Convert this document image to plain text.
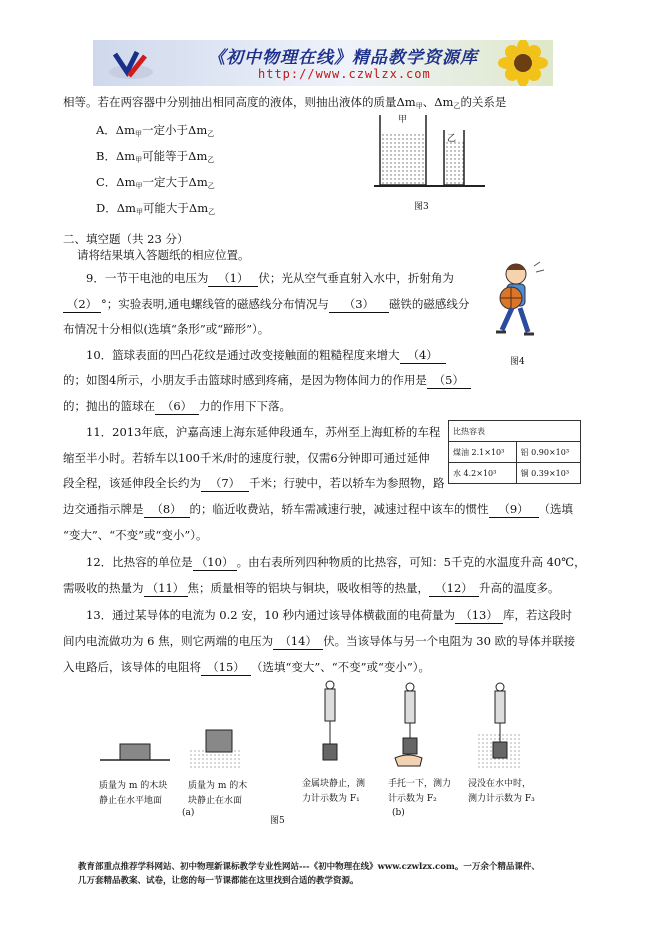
《初中物理在线》精品教学资源库
http://www.czwlzx.com
相等。若在两容器中分别抽出相同高度的液体，则抽出液体的质量$\Delta m_甲$、$\Delta m_乙$的关系是
A．$\Delta m_甲$一定小于$\Delta m_乙$
B．$\Delta m_甲$可能等于$\Delta m_乙$
C．$\Delta m_甲$一定大于$\Delta m_乙$
D．$\Delta m_甲$可能大于$\Delta m_乙$
甲
乙
图3
二、填空题（共 23 分）
请将结果填入答题纸的相应位置。
9．一节干电池的电压为 （1） 伏；光从空气垂直射入水中，折射角为
（2） °；实验表明,通电螺线管的磁感线分布情况与 （3） 磁铁的磁感线分
布情况十分相似(选填“条形”或“蹄形”）。
图4
10．篮球表面的凹凸花纹是通过改变接触面的粗糙程度来增大 （4）
的；如图4所示，小朋友手击篮球时感到疼痛，是因为物体间力的作用是 （5）
的；抛出的篮球在 （6） 力的作用下下落。
11．2013年底，沪嘉高速上海东延伸段通车，苏州至上海虹桥的车程
缩至半小时。若轿车以100千米/时的速度行驶，仅需6分钟即可通过延伸
段全程，该延伸段全长约为 （7） 千米；行驶中，若以轿车为参照物，路
边交通指示牌是 （8） 的；临近收费站，轿车需减速行驶，减速过程中该车的惯性 （9） （选填
“变大”、“不变”或“变小”）。
比热容表	
煤油 2.1×10³	铝 0.90×10³
水 4.2×10³	铜 0.39×10³
12．比热容的单位是 （10） 。由右表所列四种物质的比热容，可知：5千克的水温度升高 40℃，
需吸收的热量为 （11） 焦；质量相等的铝块与铜块，吸收相等的热量， （12） 升高的温度多。
13．通过某导体的电流为 0.2 安，10 秒内通过该导体横截面的电荷量为 （13） 库，若这段时
间内电流做功为 6 焦，则它两端的电压为 （14） 伏。当该导体与另一个电阻为 30 欧的导体并联接
入电路后，该导体的电阻将 （15） （选填“变大”、“不变”或“变小”）。
质量为 m 的木块
静止在水平地面
质量为 m 的木
块静止在水面
金属块静止，测
力计示数为 F₁
手托一下，测力
计示数为 F₂
浸没在水中时，
测力计示数为 F₃
(a)	(b)
图5
教育部重点推荐学科网站、初中物理新课标教学专业性网站---《初中物理在线》www.czwlzx.com。一万余个精品课件、
几万套精品教案、试卷，让您的每一节课都能在这里找到合适的教学资源。
